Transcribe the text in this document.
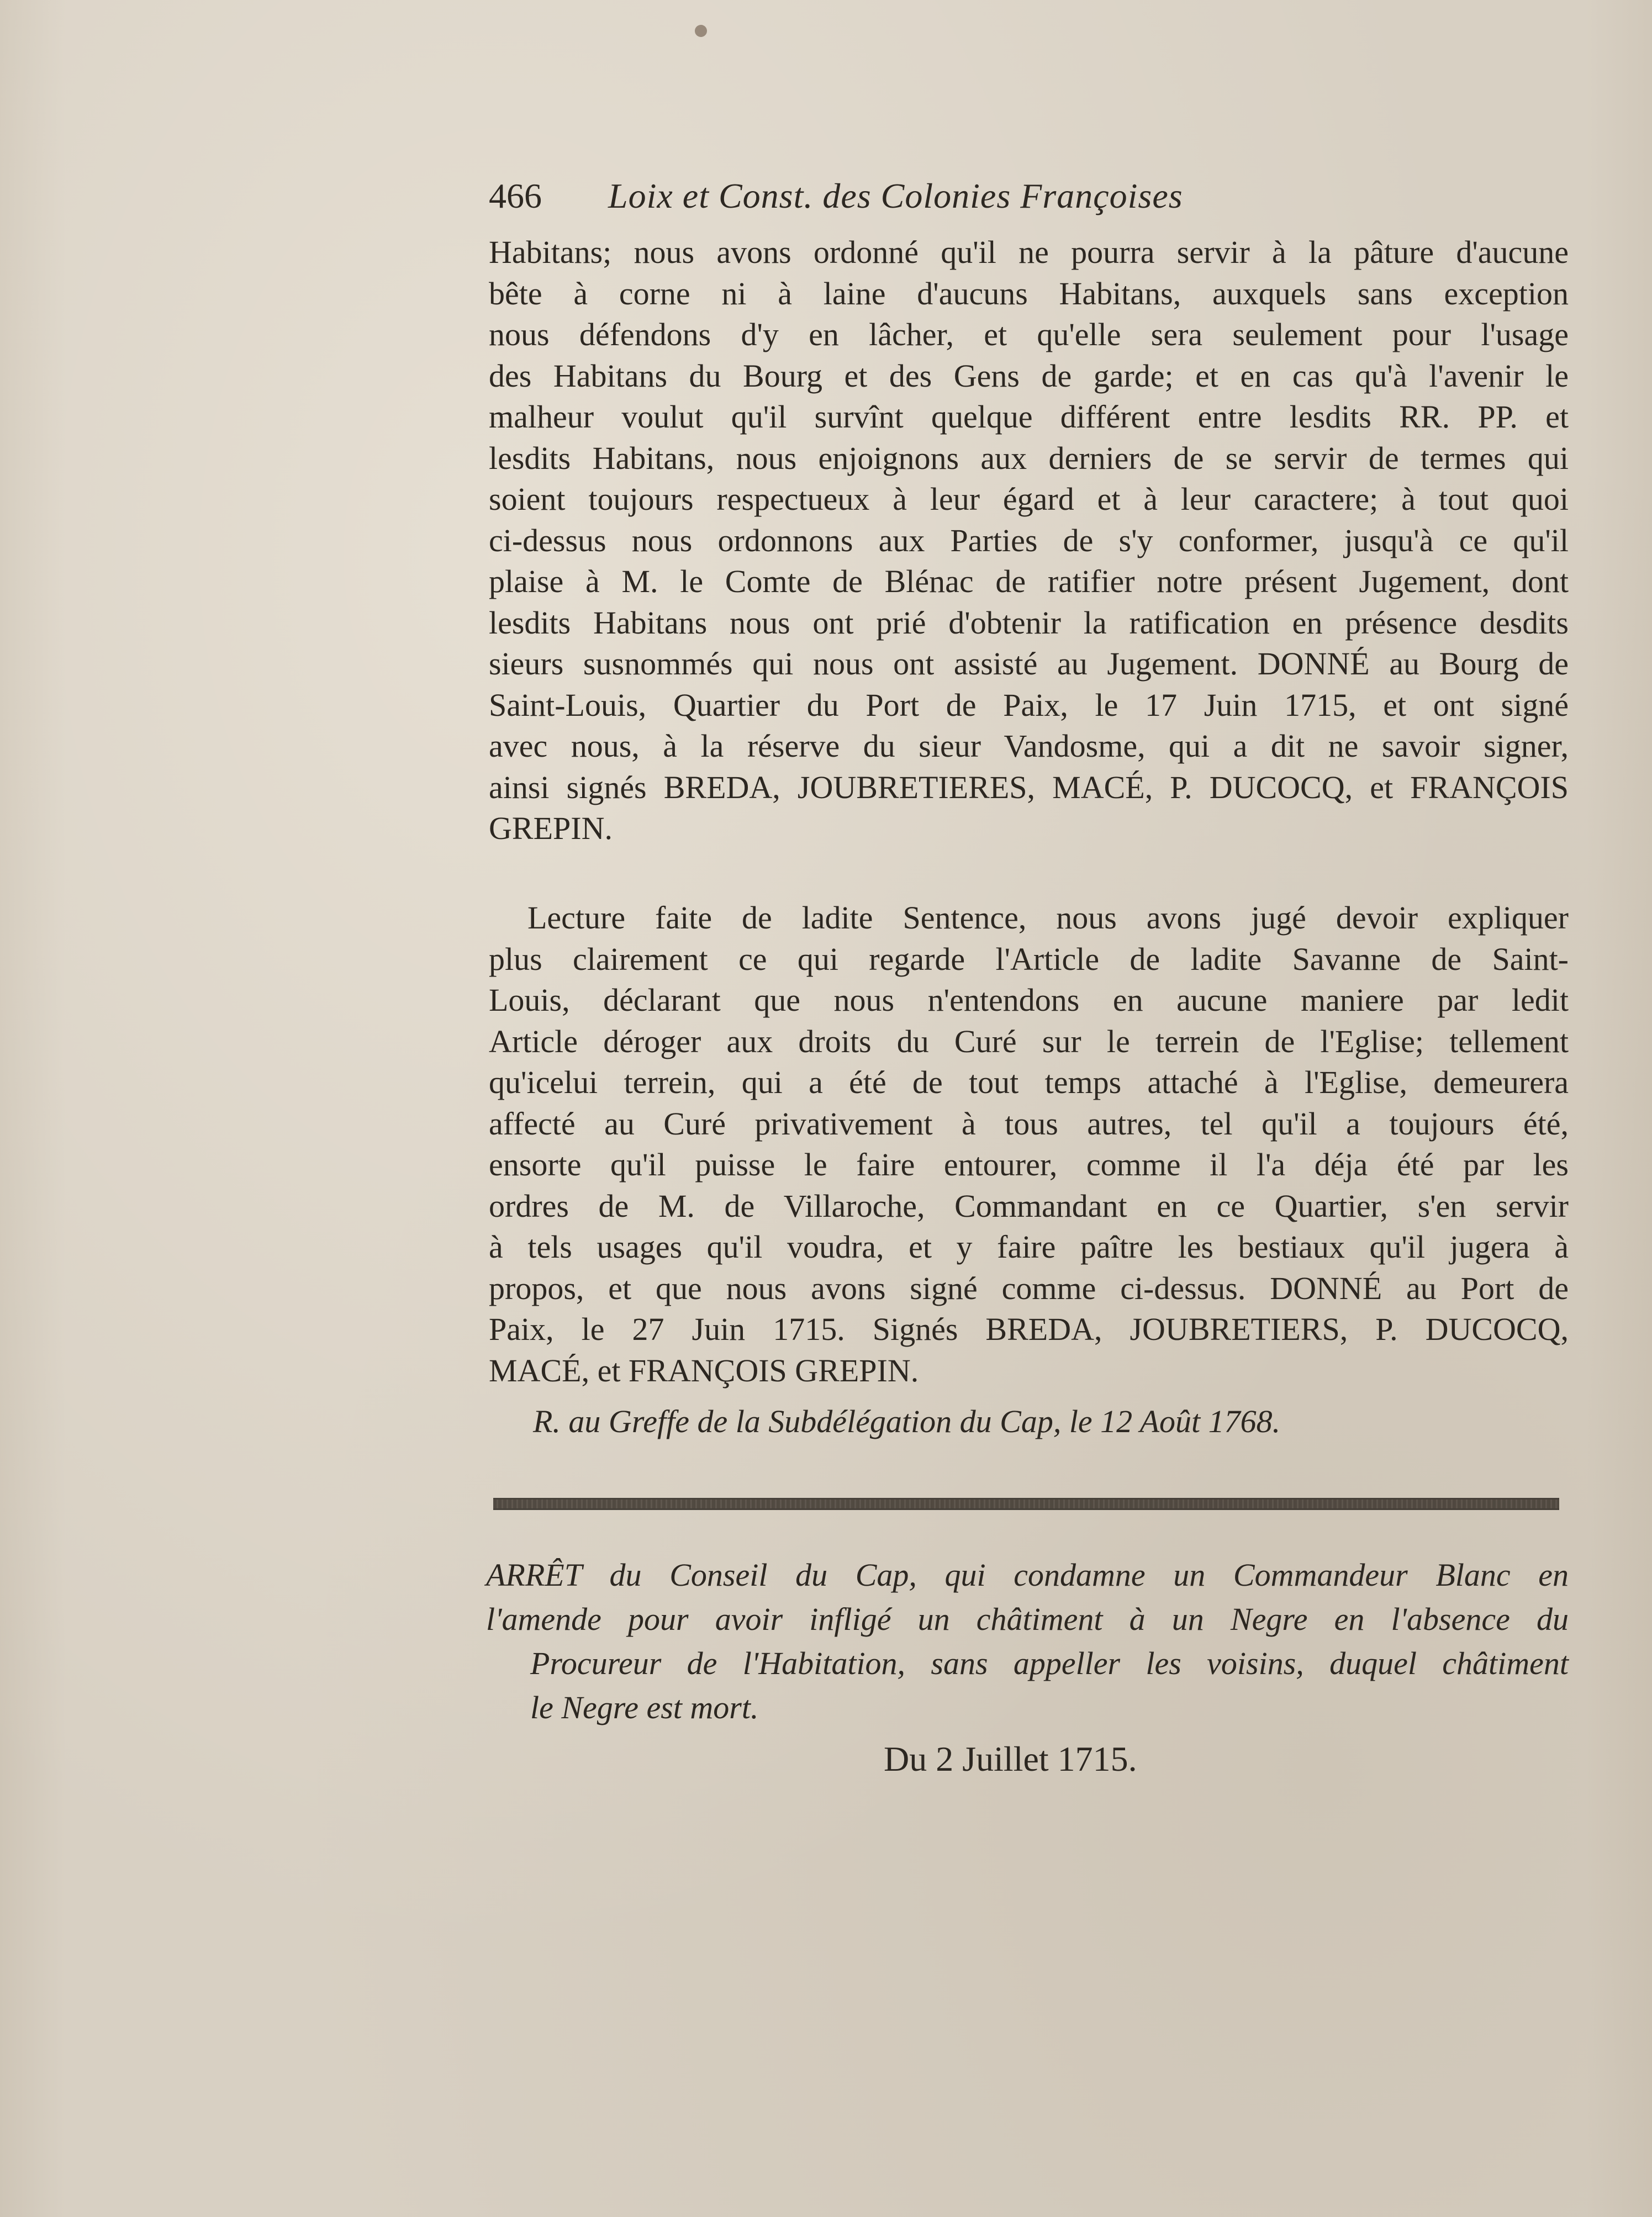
466 Loix et Const. des Colonies Françoises
Habitans; nous avons ordonné qu'il ne pourra servir à la pâture d'aucune
bête à corne ni à laine d'aucuns Habitans, auxquels sans exception
nous défendons d'y en lâcher, et qu'elle sera seulement pour l'usage
des Habitans du Bourg et des Gens de garde; et en cas qu'à l'avenir le
malheur voulut qu'il survînt quelque différent entre lesdits RR. PP. et
lesdits Habitans, nous enjoignons aux derniers de se servir de termes qui
soient toujours respectueux à leur égard et à leur caractere; à tout quoi
ci-dessus nous ordonnons aux Parties de s'y conformer, jusqu'à ce qu'il
plaise à M. le Comte de Blénac de ratifier notre présent Jugement, dont
lesdits Habitans nous ont prié d'obtenir la ratification en présence desdits
sieurs susnommés qui nous ont assisté au Jugement. DONNÉ au Bourg de
Saint-Louis, Quartier du Port de Paix, le 17 Juin 1715, et ont signé
avec nous, à la réserve du sieur Vandosme, qui a dit ne savoir signer,
ainsi signés BREDA, JOUBRETIERES, MACÉ, P. DUCOCQ, et FRANÇOIS
GREPIN.
Lecture faite de ladite Sentence, nous avons jugé devoir expliquer
plus clairement ce qui regarde l'Article de ladite Savanne de Saint-
Louis, déclarant que nous n'entendons en aucune maniere par ledit
Article déroger aux droits du Curé sur le terrein de l'Eglise; tellement
qu'icelui terrein, qui a été de tout temps attaché à l'Eglise, demeurera
affecté au Curé privativement à tous autres, tel qu'il a toujours été,
ensorte qu'il puisse le faire entourer, comme il l'a déja été par les
ordres de M. de Villaroche, Commandant en ce Quartier, s'en servir
à tels usages qu'il voudra, et y faire paître les bestiaux qu'il jugera à
propos, et que nous avons signé comme ci-dessus. DONNÉ au Port de
Paix, le 27 Juin 1715. Signés BREDA, JOUBRETIERS, P. DUCOCQ,
MACÉ, et FRANÇOIS GREPIN.
R. au Greffe de la Subdélégation du Cap, le 12 Août 1768.
ARRÊT du Conseil du Cap, qui condamne un Commandeur Blanc en
l'amende pour avoir infligé un châtiment à un Negre en l'absence du
Procureur de l'Habitation, sans appeller les voisins, duquel châtiment
le Negre est mort.
Du 2 Juillet 1715.
